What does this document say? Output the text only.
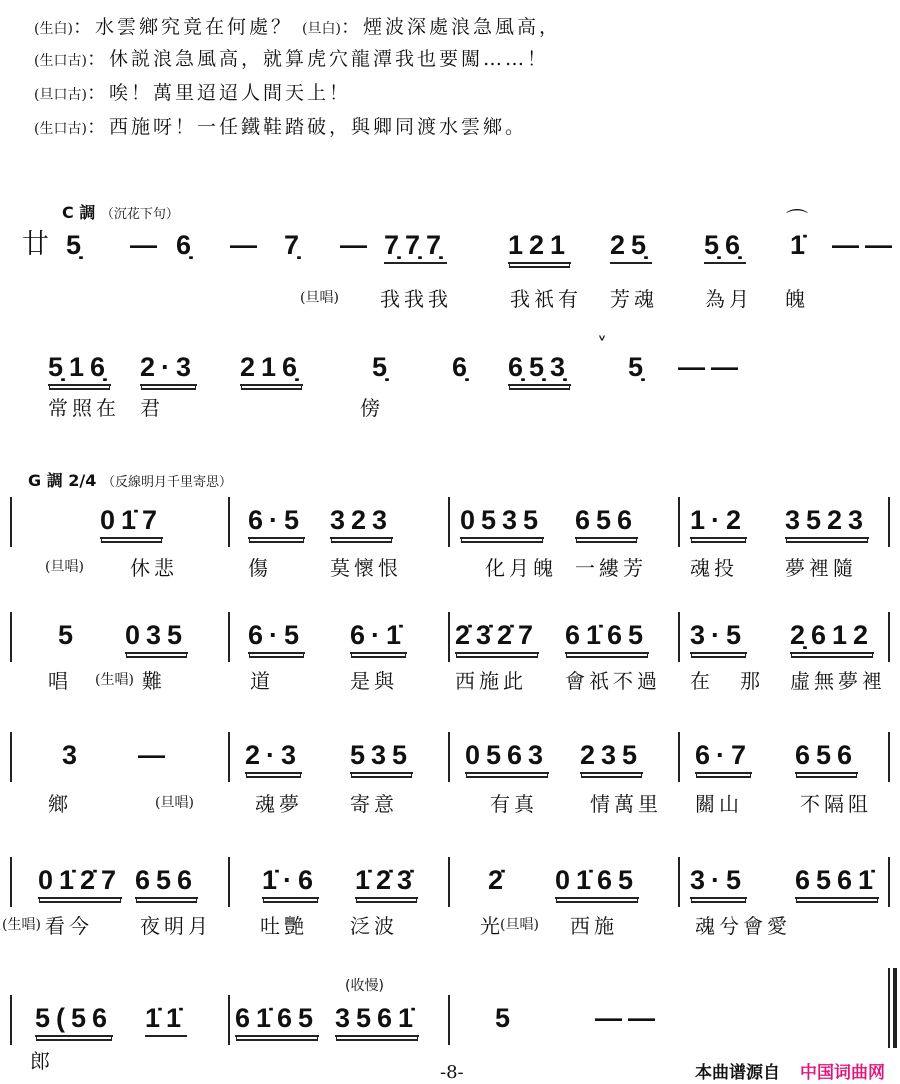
(生白)：水雲鄉究竟在何處？ (旦白)：煙波深處浪急風高，
(生口古)：休説浪急風高，就算虎穴龍潭我也要闖……！
(旦口古)：唉！萬里迢迢人間天上！
(生口古)：西施呀！一任鐵鞋踏破，與卿同渡水雲鄉。
C 調 （沉花下句）
廿
⌒
˅
G 調 2/4 （反線明月千里寄思）
(收慢)
5̣ — 6̣ — 7̣ — 7̣7̣7̣ 121 25̣ 5̣6̣ 1̇ ——
(旦唱) 我我我	我祇有 芳魂 為月 魄
5̣16̣ 2·3 216̣	5̣ 6̣ 6̣5̣3̣ 5̣ ——
常照在 君	傍
01̇7	6·5 323 0535 656 1·2 3523
(旦唱) 休悲	傷	莫懷恨	化月魄 一縷芳 魂投 夢裡隨
5 035 6·5 6·1̇ 2̇3̇2̇7 61̇65 3·5 2̣612
唱 (生唱) 難	道	是與	西施此 會祇不過 在 那 虛無夢裡
3 —	2·3 535 0563 235 6·7 656
鄉	(旦唱)	魂夢 寄意	有真	情萬里 關山	不隔阻
01̇2̇7 656 1̇·6 1̇2̇3̇	2̇ 01̇65 3·5 6561̇
(生唱) 看今 夜明月 吐艷 泛波	光
(旦唱) 西施	魂兮會愛
5(56 1̇1̇ 61̇65 3561̇	5	——
郎	-8-	本曲谱源自 中国词曲网
